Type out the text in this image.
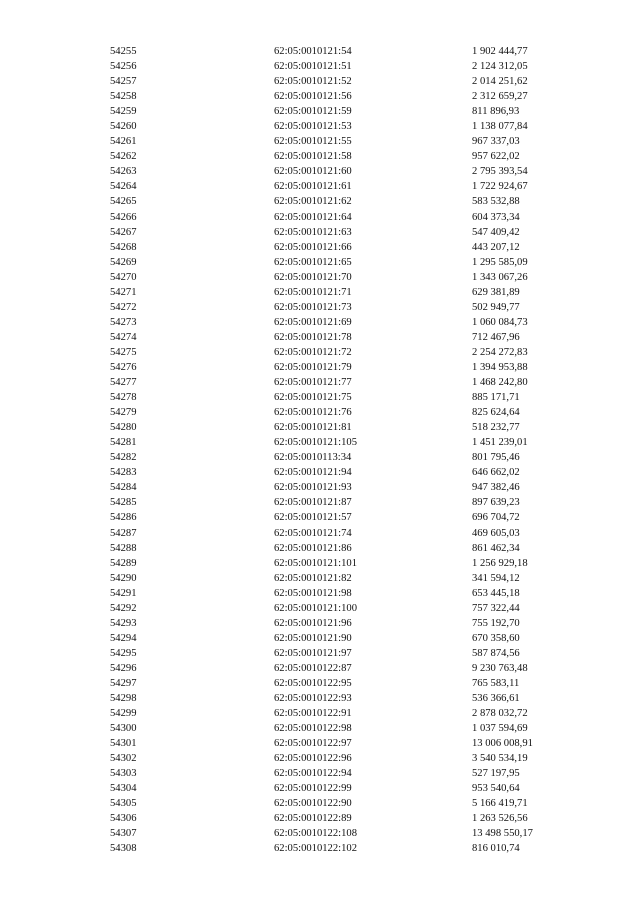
54255	62:05:0010121:54	1 902 444,77
54256	62:05:0010121:51	2 124 312,05
54257	62:05:0010121:52	2 014 251,62
54258	62:05:0010121:56	2 312 659,27
54259	62:05:0010121:59	811 896,93
54260	62:05:0010121:53	1 138 077,84
54261	62:05:0010121:55	967 337,03
54262	62:05:0010121:58	957 622,02
54263	62:05:0010121:60	2 795 393,54
54264	62:05:0010121:61	1 722 924,67
54265	62:05:0010121:62	583 532,88
54266	62:05:0010121:64	604 373,34
54267	62:05:0010121:63	547 409,42
54268	62:05:0010121:66	443 207,12
54269	62:05:0010121:65	1 295 585,09
54270	62:05:0010121:70	1 343 067,26
54271	62:05:0010121:71	629 381,89
54272	62:05:0010121:73	502 949,77
54273	62:05:0010121:69	1 060 084,73
54274	62:05:0010121:78	712 467,96
54275	62:05:0010121:72	2 254 272,83
54276	62:05:0010121:79	1 394 953,88
54277	62:05:0010121:77	1 468 242,80
54278	62:05:0010121:75	885 171,71
54279	62:05:0010121:76	825 624,64
54280	62:05:0010121:81	518 232,77
54281	62:05:0010121:105	1 451 239,01
54282	62:05:0010113:34	801 795,46
54283	62:05:0010121:94	646 662,02
54284	62:05:0010121:93	947 382,46
54285	62:05:0010121:87	897 639,23
54286	62:05:0010121:57	696 704,72
54287	62:05:0010121:74	469 605,03
54288	62:05:0010121:86	861 462,34
54289	62:05:0010121:101	1 256 929,18
54290	62:05:0010121:82	341 594,12
54291	62:05:0010121:98	653 445,18
54292	62:05:0010121:100	757 322,44
54293	62:05:0010121:96	755 192,70
54294	62:05:0010121:90	670 358,60
54295	62:05:0010121:97	587 874,56
54296	62:05:0010122:87	9 230 763,48
54297	62:05:0010122:95	765 583,11
54298	62:05:0010122:93	536 366,61
54299	62:05:0010122:91	2 878 032,72
54300	62:05:0010122:98	1 037 594,69
54301	62:05:0010122:97	13 006 008,91
54302	62:05:0010122:96	3 540 534,19
54303	62:05:0010122:94	527 197,95
54304	62:05:0010122:99	953 540,64
54305	62:05:0010122:90	5 166 419,71
54306	62:05:0010122:89	1 263 526,56
54307	62:05:0010122:108	13 498 550,17
54308	62:05:0010122:102	816 010,74
